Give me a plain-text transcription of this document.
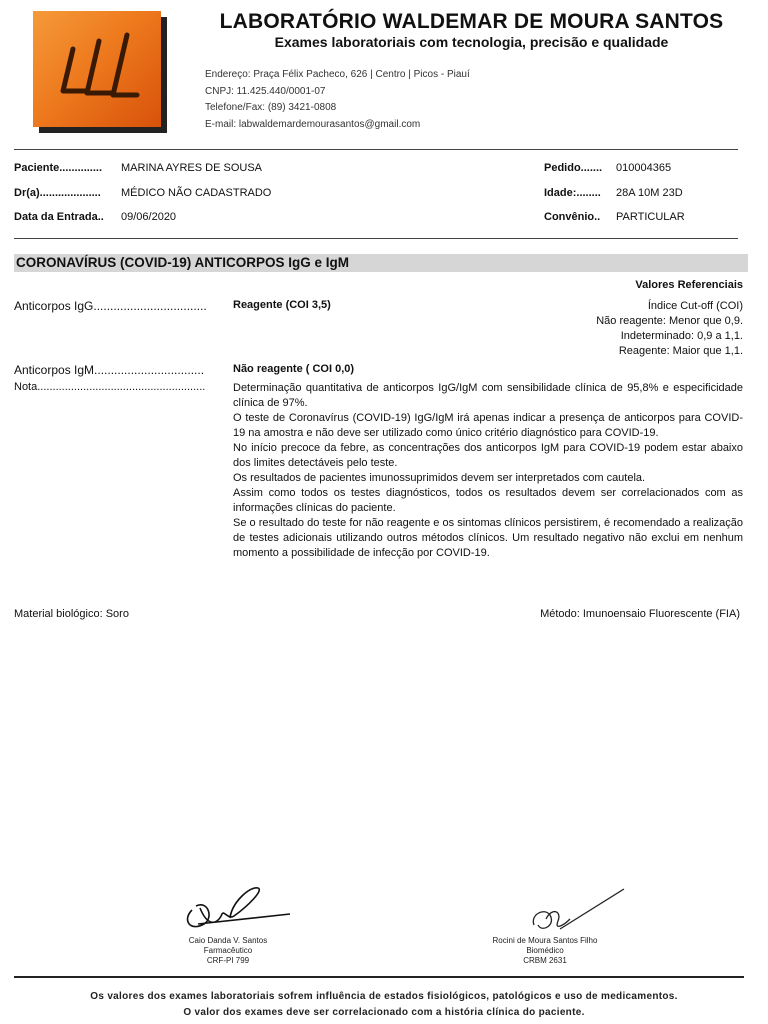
LABORATÓRIO WALDEMAR DE MOURA SANTOS
Exames laboratoriais com tecnologia, precisão e qualidade
Endereço: Praça Félix Pacheco, 626 | Centro | Picos - Piauí
CNPJ: 11.425.440/0001-07
Telefone/Fax: (89) 3421-0808
E-mail: labwaldemardemourasantos@gmail.com
Paciente.............. MARINA AYRES DE SOUSA
Dr(a).................... MÉDICO NÃO CADASTRADO
Data da Entrada.. 09/06/2020
Pedido....... 010004365
Idade:........ 28A 10M 23D
Convênio.. PARTICULAR
CORONAVÍRUS (COVID-19) ANTICORPOS IgG e IgM
Valores Referenciais
Anticorpos IgG.................................. Reagente (COI 3,5)	Índice Cut-off (COI)
Não reagente: Menor que 0,9.
Indeterminado: 0,9 a 1,1.
Reagente: Maior que 1,1.
Anticorpos IgM.................................	Não reagente ( COI 0,0)
Nota.......................................................	Determinação quantitativa de anticorpos IgG/IgM com sensibilidade clínica de 95,8% e especificidade clínica de 97%.

O teste de Coronavírus (COVID-19) IgG/IgM irá apenas indicar a presença de anticorpos para COVID-19 na amostra e não deve ser utilizado como único critério diagnóstico para COVID-19.

No início precoce da febre, as concentrações dos anticorpos IgM para COVID-19 podem estar abaixo dos limites detectáveis pelo teste.

Os resultados de pacientes imunossuprimidos devem ser interpretados com cautela.

Assim como todos os testes diagnósticos, todos os resultados devem ser correlacionados com as informações clínicas do paciente.

Se o resultado do teste for não reagente e os sintomas clínicos persistirem, é recomendado a realização de testes adicionais utilizando outros métodos clínicos. Um resultado negativo não exclui em nenhum momento a possibilidade de infecção por COVID-19.

Material biológico: Soro	Método: Imunoensaio Fluorescente (FIA)
Caio Danda V. Santos
Farmacêutico
CRF-PI 799
Rocini de Moura Santos Filho
Biomédico
CRBM 2631
Os valores dos exames laboratoriais sofrem influência de estados fisiológicos, patológicos e uso de medicamentos.
O valor dos exames deve ser correlacionado com a história clínica do paciente.
